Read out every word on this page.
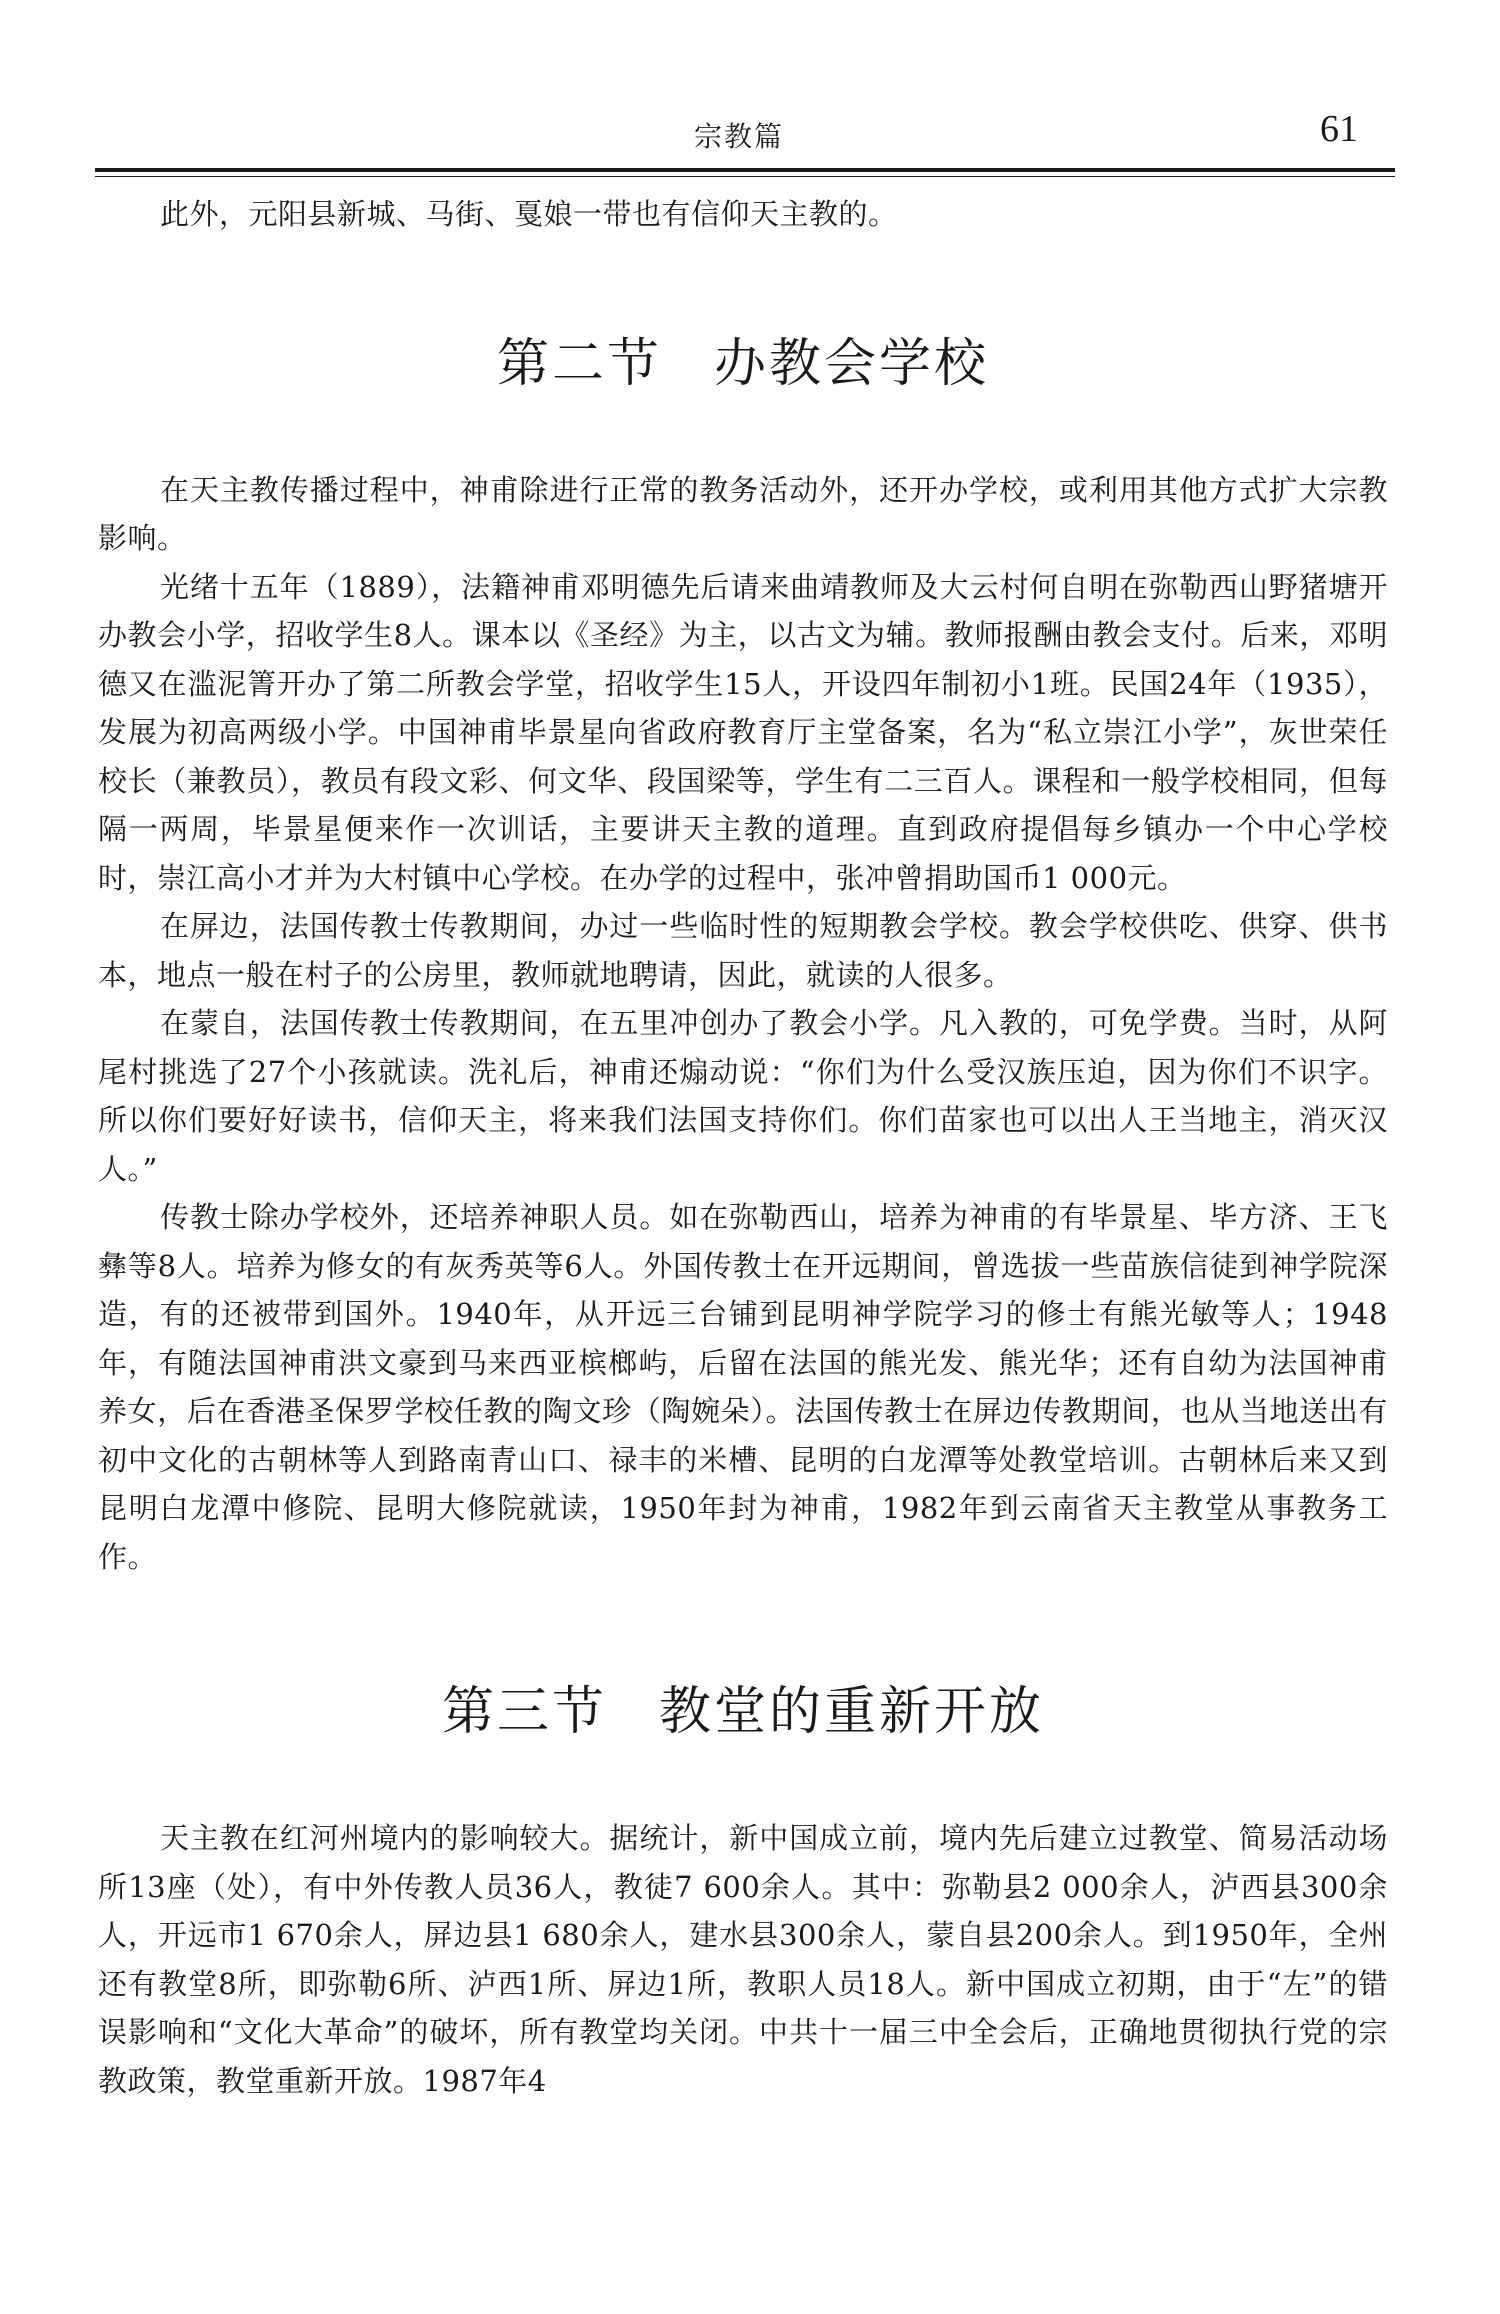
宗教篇	61

此外，元阳县新城、马街、戛娘一带也有信仰天主教的。

第二节 办教会学校

在天主教传播过程中，神甫除进行正常的教务活动外，还开办学校，或利用其他方式扩大宗教影响。

光绪十五年（1889），法籍神甫邓明德先后请来曲靖教师及大云村何自明在弥勒西山野猪塘开办教会小学，招收学生8人。课本以《圣经》为主，以古文为辅。教师报酬由教会支付。后来，邓明德又在滥泥箐开办了第二所教会学堂，招收学生15人，开设四年制初小1班。民国24年（1935），发展为初高两级小学。中国神甫毕景星向省政府教育厅主堂备案，名为“私立崇江小学”，灰世荣任校长（兼教员），教员有段文彩、何文华、段国梁等，学生有二三百人。课程和一般学校相同，但每隔一两周，毕景星便来作一次训话，主要讲天主教的道理。直到政府提倡每乡镇办一个中心学校时，崇江高小才并为大村镇中心学校。在办学的过程中，张冲曾捐助国币1 000元。

在屏边，法国传教士传教期间，办过一些临时性的短期教会学校。教会学校供吃、供穿、供书本，地点一般在村子的公房里，教师就地聘请，因此，就读的人很多。

在蒙自，法国传教士传教期间，在五里冲创办了教会小学。凡入教的，可免学费。当时，从阿尾村挑选了27个小孩就读。洗礼后，神甫还煽动说：“你们为什么受汉族压迫，因为你们不识字。所以你们要好好读书，信仰天主，将来我们法国支持你们。你们苗家也可以出人王当地主，消灭汉人。”

传教士除办学校外，还培养神职人员。如在弥勒西山，培养为神甫的有毕景星、毕方济、王飞彝等8人。培养为修女的有灰秀英等6人。外国传教士在开远期间，曾选拔一些苗族信徒到神学院深造，有的还被带到国外。1940年，从开远三台铺到昆明神学院学习的修士有熊光敏等人；1948年，有随法国神甫洪文豪到马来西亚槟榔屿，后留在法国的熊光发、熊光华；还有自幼为法国神甫养女，后在香港圣保罗学校任教的陶文珍（陶婉朵）。法国传教士在屏边传教期间，也从当地送出有初中文化的古朝林等人到路南青山口、禄丰的米槽、昆明的白龙潭等处教堂培训。古朝林后来又到昆明白龙潭中修院、昆明大修院就读，1950年封为神甫，1982年到云南省天主教堂从事教务工作。

第三节 教堂的重新开放

天主教在红河州境内的影响较大。据统计，新中国成立前，境内先后建立过教堂、简易活动场所13座（处），有中外传教人员36人，教徒7 600余人。其中：弥勒县2 000余人，泸西县300余人，开远市1 670余人，屏边县1 680余人，建水县300余人，蒙自县200余人。到1950年，全州还有教堂8所，即弥勒6所、泸西1所、屏边1所，教职人员18人。新中国成立初期，由于“左”的错误影响和“文化大革命”的破坏，所有教堂均关闭。中共十一届三中全会后，正确地贯彻执行党的宗教政策，教堂重新开放。1987年4
